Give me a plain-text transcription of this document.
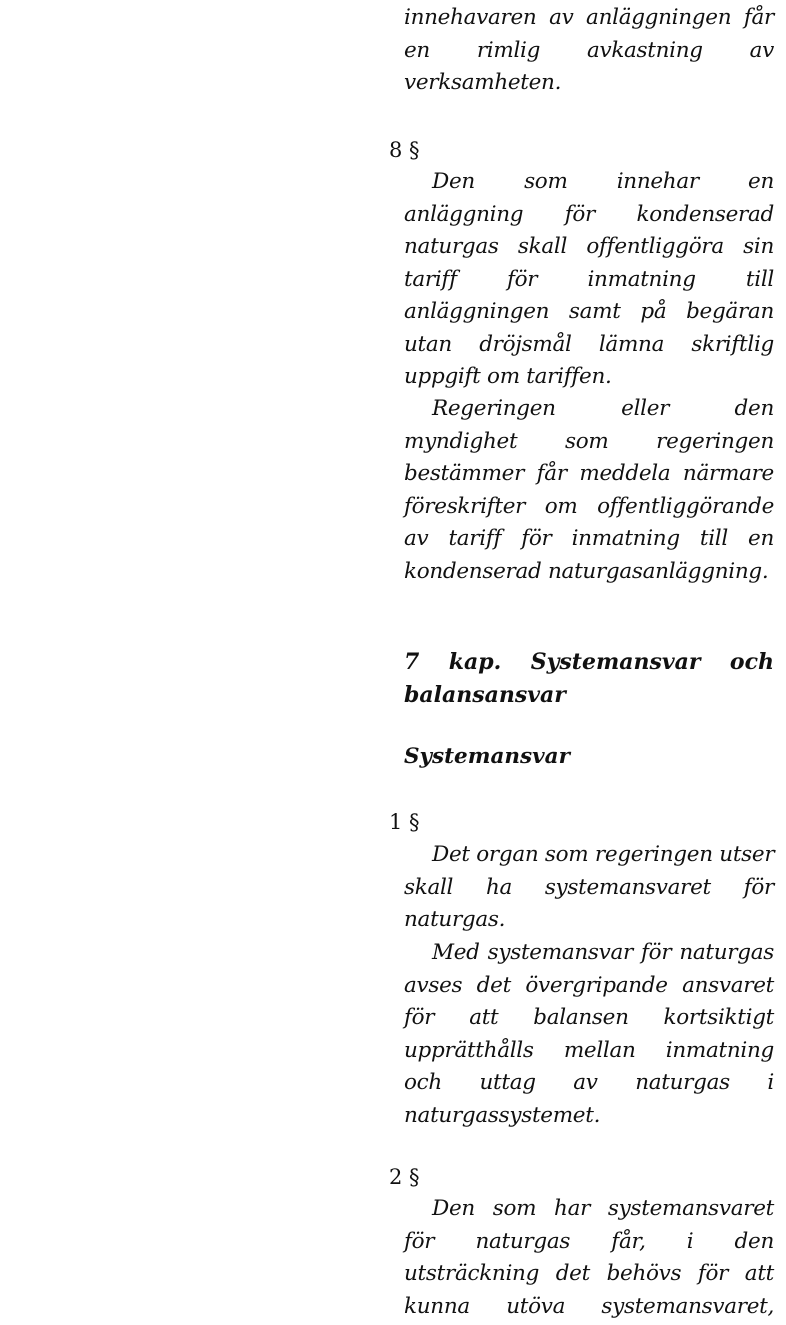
innehavaren av anläggningen får
en rimlig avkastning av
verksamheten.
8 §
Den som innehar en
anläggning för kondenserad
naturgas skall offentliggöra sin
tariff för inmatning till
anläggningen samt på begäran
utan dröjsmål lämna skriftlig
uppgift om tariffen.
Regeringen eller den
myndighet som regeringen
bestämmer får meddela närmare
föreskrifter om offentliggörande
av tariff för inmatning till en
kondenserad naturgasanläggning.
7 kap. Systemansvar och
balansansvar
Systemansvar
1 §
Det organ som regeringen utser
skall ha systemansvaret för
naturgas.
Med systemansvar för naturgas
avses det övergripande ansvaret
för att balansen kortsiktigt
upprätthålls mellan inmatning
och uttag av naturgas i
naturgassystemet.
2 §
Den som har systemansvaret
för naturgas får, i den
utsträckning det behövs för att
kunna utöva systemansvaret,
